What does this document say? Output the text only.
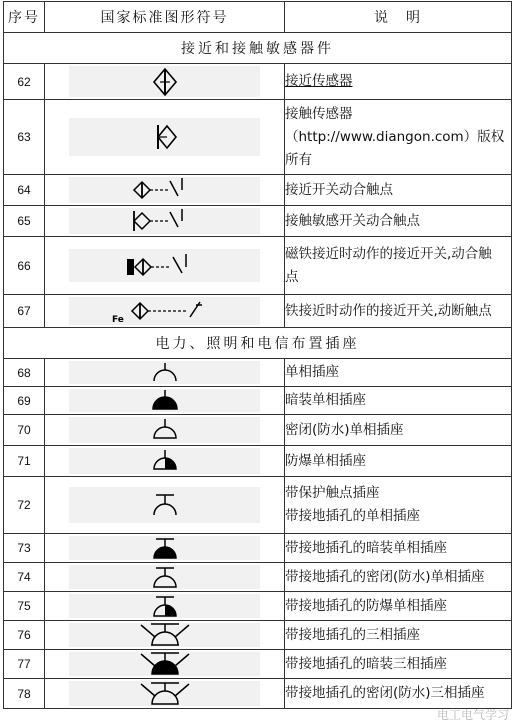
序号	国家标准图形符号	说　明
接近和接触敏感器件		
62		接近传感器
63		接触传感器
（http://www.diangon.com）版权
所有

64		接近开关动合触点
65		接触敏感开关动合触点
66		磁铁接近时动作的接近开关,动合触
点

67	Fe	铁接近时动作的接近开关,动断触点
电力、照明和电信布置插座		
68		单相插座
69		暗装单相插座
70		密闭(防水)单相插座
71		防爆单相插座
72		带保护触点插座
带接地插孔的单相插座

73		带接地插孔的暗装单相插座
74		带接地插孔的密闭(防水)单相插座
75		带接地插孔的防爆单相插座
76		带接地插孔的三相插座
77		带接地插孔的暗装三相插座
78		带接地插孔的密闭(防水)三相插座
电工电气学习
